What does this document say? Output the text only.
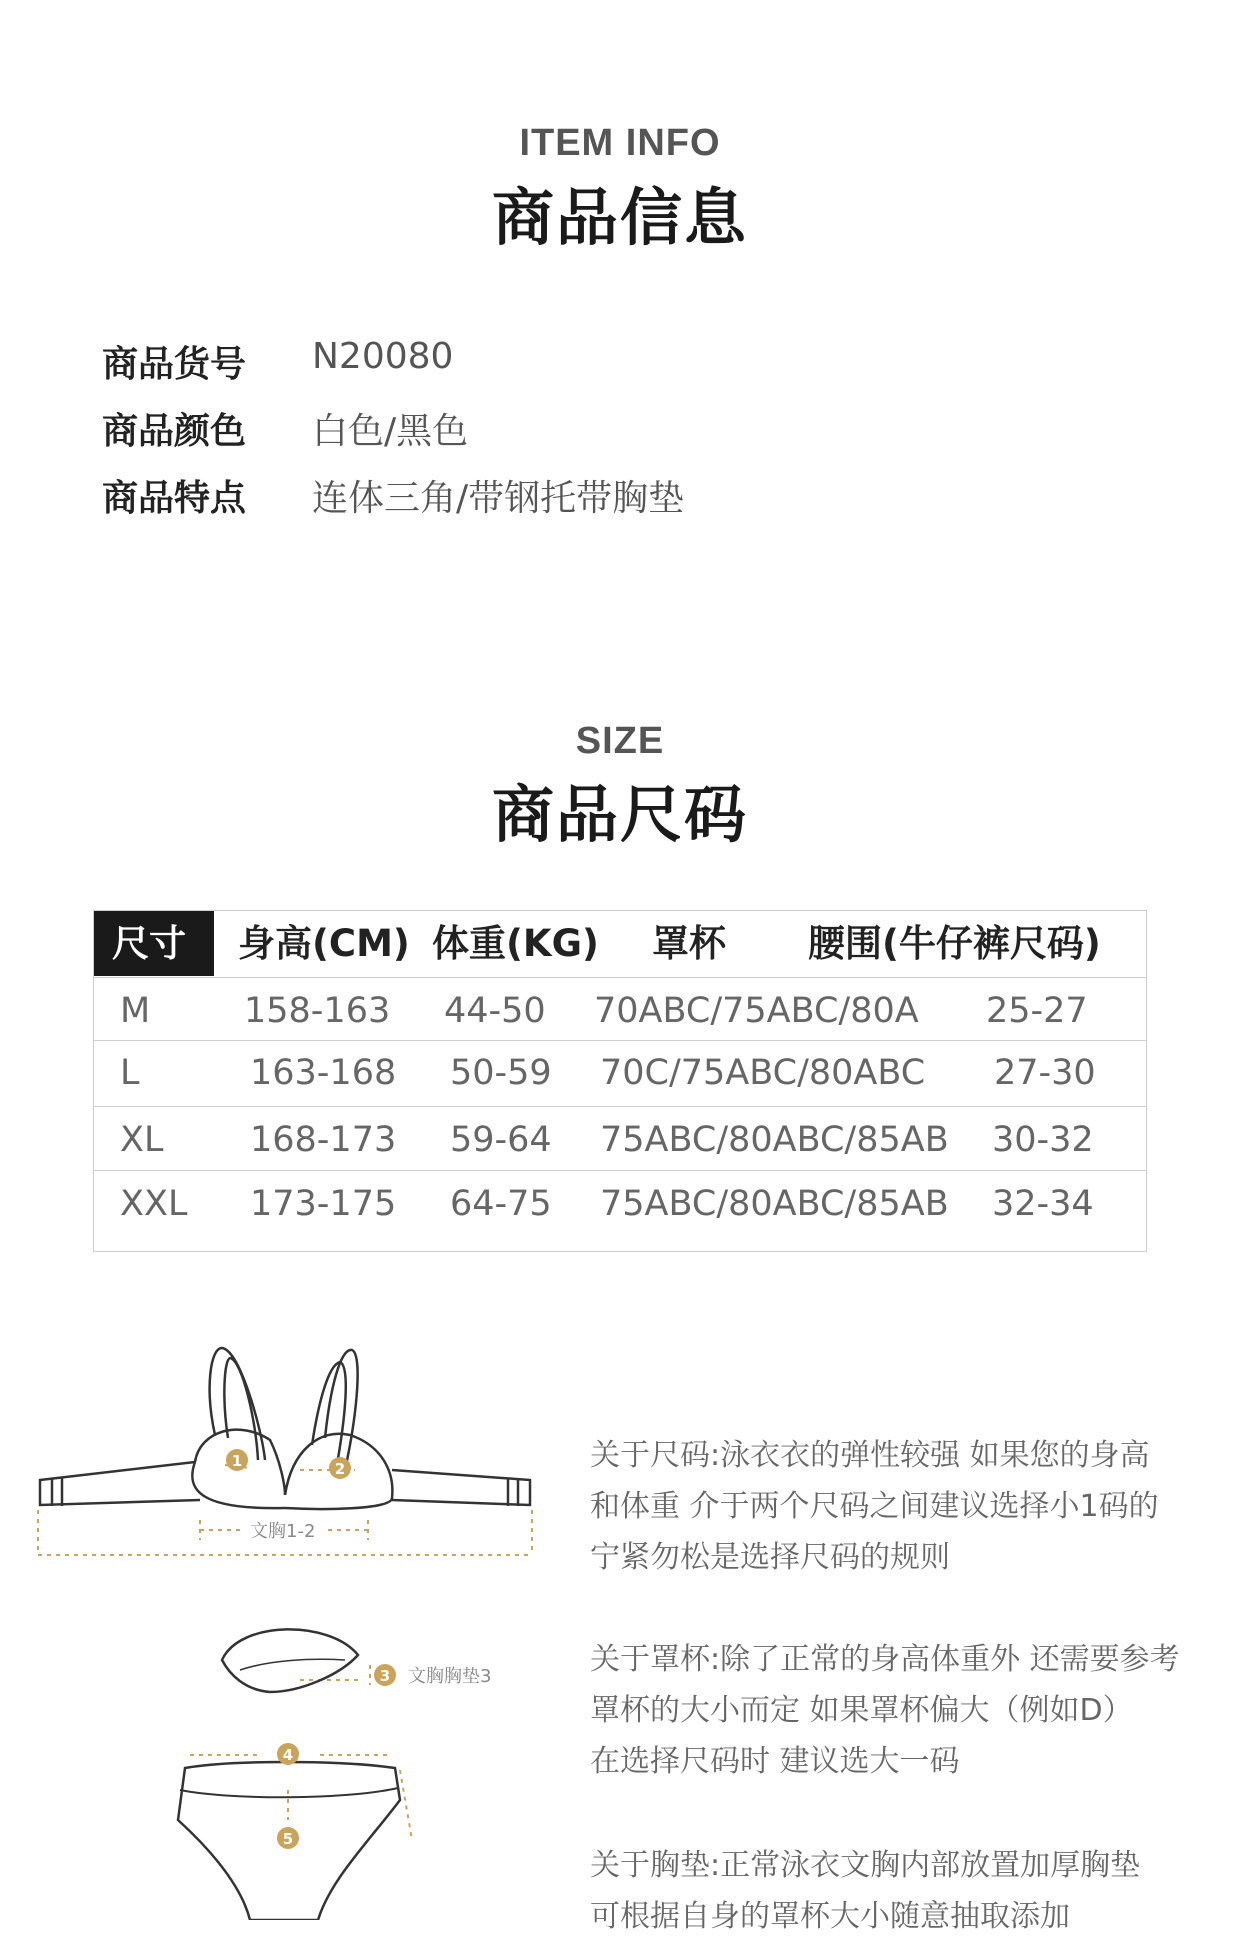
ITEM INFO
商品信息
商品货号 N20080
商品颜色 白色/黑色
商品特点 连体三角/带钢托带胸垫
SIZE
商品尺码
尺寸	身高(CM) 体重(KG) 罩杯 腰围(牛仔裤尺码)
M	158-163 44-50 70ABC/75ABC/80A 25-27
L	163-168 50-59 70C/75ABC/80ABC 27-30
XL 168-173 59-64 75ABC/80ABC/85AB 30-32
XXL 173-175 64-75 75ABC/80ABC/85AB 32-34
1	2
文胸1-2
3 文胸胸垫3
4
5
关于尺码:泳衣衣的弹性较强 如果您的身高
和体重 介于两个尺码之间建议选择小1码的
宁紧勿松是选择尺码的规则
关于罩杯:除了正常的身高体重外 还需要参考
罩杯的大小而定 如果罩杯偏大（例如D）
在选择尺码时 建议选大一码
关于胸垫:正常泳衣文胸内部放置加厚胸垫
可根据自身的罩杯大小随意抽取添加
